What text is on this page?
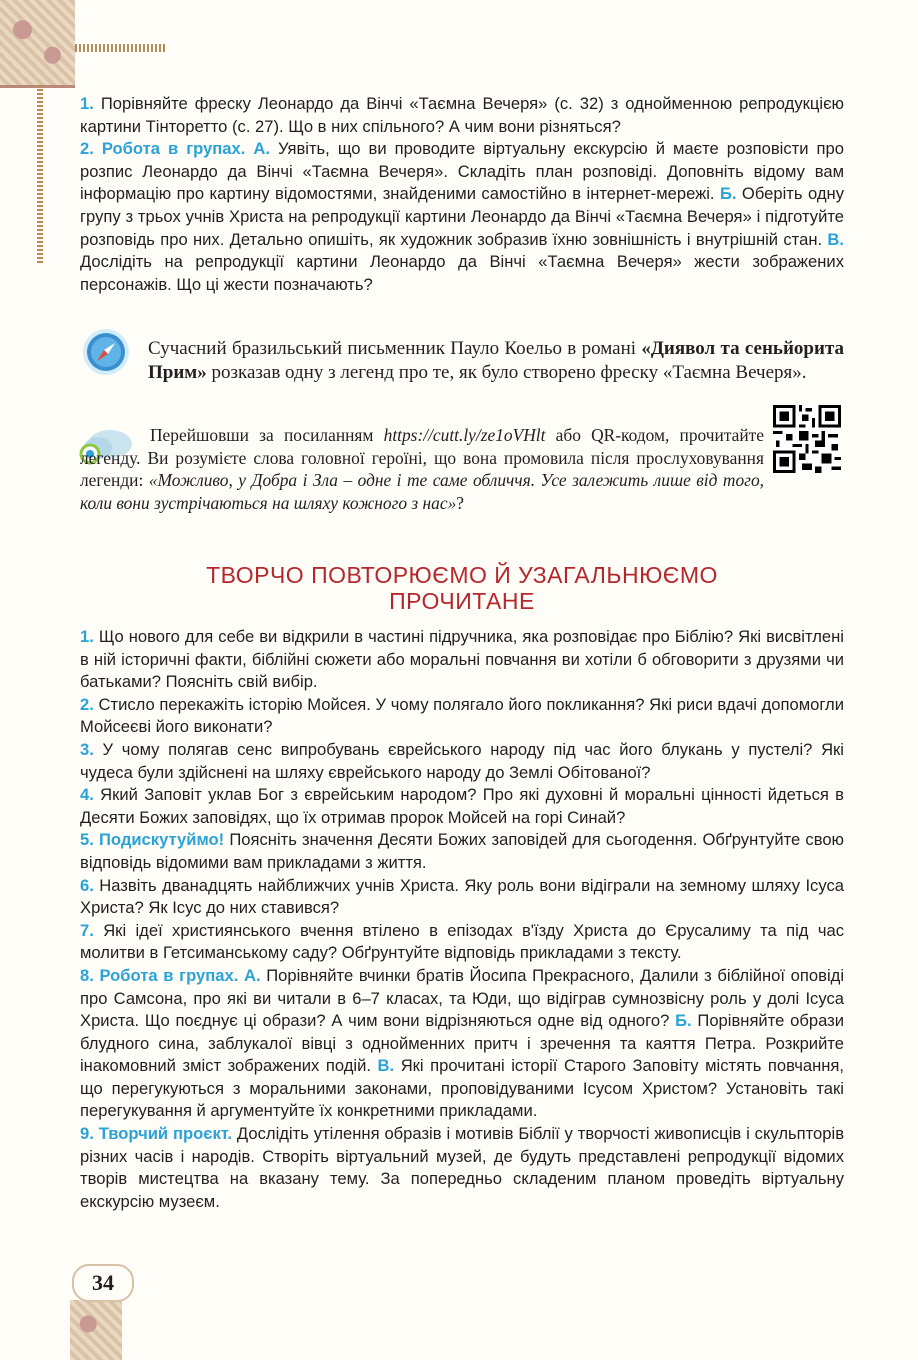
34

1. Порівняйте фреску Леонардо да Вінчі «Таємна Вечеря» (с. 32) з однойменною репродукцією картини Тінторетто (с. 27). Що в них спільного? А чим вони різняться?

2. Робота в групах. А. Уявіть, що ви проводите віртуальну екскурсію й маєте розповісти про розпис Леонардо да Вінчі «Таємна Вечеря». Складіть план розповіді. Доповніть відому вам інформацію про картину відомостями, знайденими самостійно в інтернет-мережі. Б. Оберіть одну групу з трьох учнів Христа на репродукції картини Леонардо да Вінчі «Таємна Вечеря» і підготуйте розповідь про них. Детально опишіть, як художник зобразив їхню зовнішність і внутрішній стан. В. Дослідіть на репродукції картини Леонардо да Вінчі «Таємна Вечеря» жести зображених персонажів. Що ці жести позначають?

Сучасний бразильський письменник Пауло Коельо в романі «Диявол та сеньйорита Прим» розказав одну з легенд про те, як було створено фреску «Таємна Вечеря».

Перейшовши за посиланням https://cutt.ly/ze1oVHlt або QR-кодом, прочитайте легенду. Ви розумієте слова головної героїні, що вона промовила після прослуховування легенди: «Можливо, у Добра і Зла – одне і те саме обличчя. Усе залежить лише від того, коли вони зустрічаються на шляху кожного з нас»?

ТВОРЧО ПОВТОРЮЄМО Й УЗАГАЛЬНЮЄМО
ПРОЧИТАНЕ

1. Що нового для себе ви відкрили в частині підручника, яка розповідає про Біблію? Які висвітлені в ній історичні факти, біблійні сюжети або моральні повчання ви хотіли б обговорити з друзями чи батьками? Поясніть свій вибір.

2. Стисло перекажіть історію Мойсея. У чому полягало його покликання? Які риси вдачі допомогли Мойсеєві його виконати?

3. У чому полягав сенс випробувань єврейського народу під час його блукань у пустелі? Які чудеса були здійснені на шляху єврейського народу до Землі Обітованої?

4. Який Заповіт уклав Бог з єврейським народом? Про які духовні й моральні цінності йдеться в Десяти Божих заповідях, що їх отримав пророк Мойсей на горі Синай?

5. Подискутуймо! Поясніть значення Десяти Божих заповідей для сьогодення. Обґрунтуйте свою відповідь відомими вам прикладами з життя.

6. Назвіть дванадцять найближчих учнів Христа. Яку роль вони відігрaли на земному шляху Ісуса Христа? Як Ісус до них ставився?

7. Які ідеї християнського вчення втілено в епізодах в'їзду Христа до Єрусалиму та під час молитви в Гетсиманському саду? Обґрунтуйте відповідь прикладами з тексту.

8. Робота в групах. А. Порівняйте вчинки братів Йосипа Прекрасного, Далили з біблійної оповіді про Самсона, про які ви читали в 6–7 класах, та Юди, що відіграв сумнозвісну роль у долі Ісуса Христа. Що поєднує ці образи? А чим вони відрізняються одне від одного? Б. Порівняйте образи блудного сина, заблукалої вівці з однойменних притч і зречення та каяття Петра. Розкрийте інакомовний зміст зображених подій. В. Які прочитані історії Старого Заповіту містять повчання, що перегукуються з моральними законами, проповідуваними Ісусом Христом? Установіть такі перегукування й аргументуйте їх конкретними прикладами.

9. Творчий проєкт. Дослідіть утілення образів і мотивів Біблії у творчості живописців і скульпторів різних часів і народів. Створіть віртуальний музей, де будуть представлені репродукції відомих творів мистецтва на вказану тему. За попередньо складеним планом проведіть віртуальну екскурсію музеєм.
